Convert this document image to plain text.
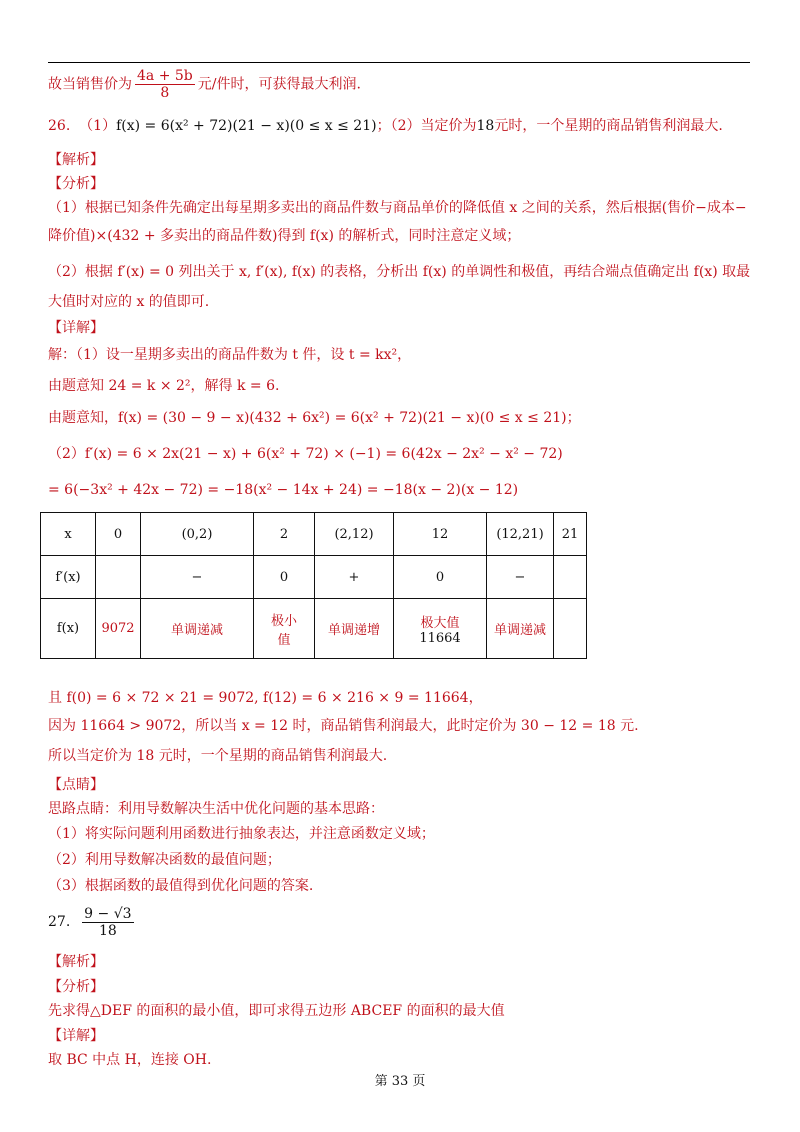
故当销售价为 $\frac{4a + 5b}{8}$ 元/件时，可获得最大利润.
26. （1）f(x) = 6(x² + 72)(21 − x)(0 ≤ x ≤ 21)；（2）当定价为18元时，一个星期的商品销售利润最大.
【解析】
【分析】
（1）根据已知条件先确定出每星期多卖出的商品件数与商品单价的降低值 x 之间的关系，然后根据(售价−成本−
降价值)×(432 + 多卖出的商品件数)得到 f(x) 的解析式，同时注意定义域；
（2）根据 f′(x) = 0 列出关于 x, f′(x), f(x) 的表格，分析出 f(x) 的单调性和极值，再结合端点值确定出 f(x) 取最
大值时对应的 x 的值即可.
【详解】
解：（1）设一星期多卖出的商品件数为 t 件，设 t = kx²，
由题意知 24 = k × 2²，解得 k = 6.
由题意知，f(x) = (30 − 9 − x)(432 + 6x²) = 6(x² + 72)(21 − x)(0 ≤ x ≤ 21)；
（2）f′(x) = 6 × 2x(21 − x) + 6(x² + 72) × (−1) = 6(42x − 2x² − x² − 72)
= 6(−3x² + 42x − 72) = −18(x² − 14x + 24) = −18(x − 2)(x − 12)
x	0	(0,2)	2	(2,12)	12	(12,21)	21
f′(x)		−	0	+	0	−	
f(x)	9072	单调递减	极小
值	单调递增	极大值
11664	单调递减	
且 f(0) = 6 × 72 × 21 = 9072, f(12) = 6 × 216 × 9 = 11664，
因为 11664 > 9072，所以当 x = 12 时，商品销售利润最大，此时定价为 30 − 12 = 18 元.
所以当定价为 18 元时，一个星期的商品销售利润最大.
【点睛】
思路点睛：利用导数解决生活中优化问题的基本思路：
（1）将实际问题利用函数进行抽象表达，并注意函数定义域；
（2）利用导数解决函数的最值问题；
（3）根据函数的最值得到优化问题的答案.
27. $\frac{9 - √3}{18}$
【解析】
【分析】
先求得△DEF 的面积的最小值，即可求得五边形 ABCEF 的面积的最大值
【详解】
取 BC 中点 H，连接 OH.
第 33 页
